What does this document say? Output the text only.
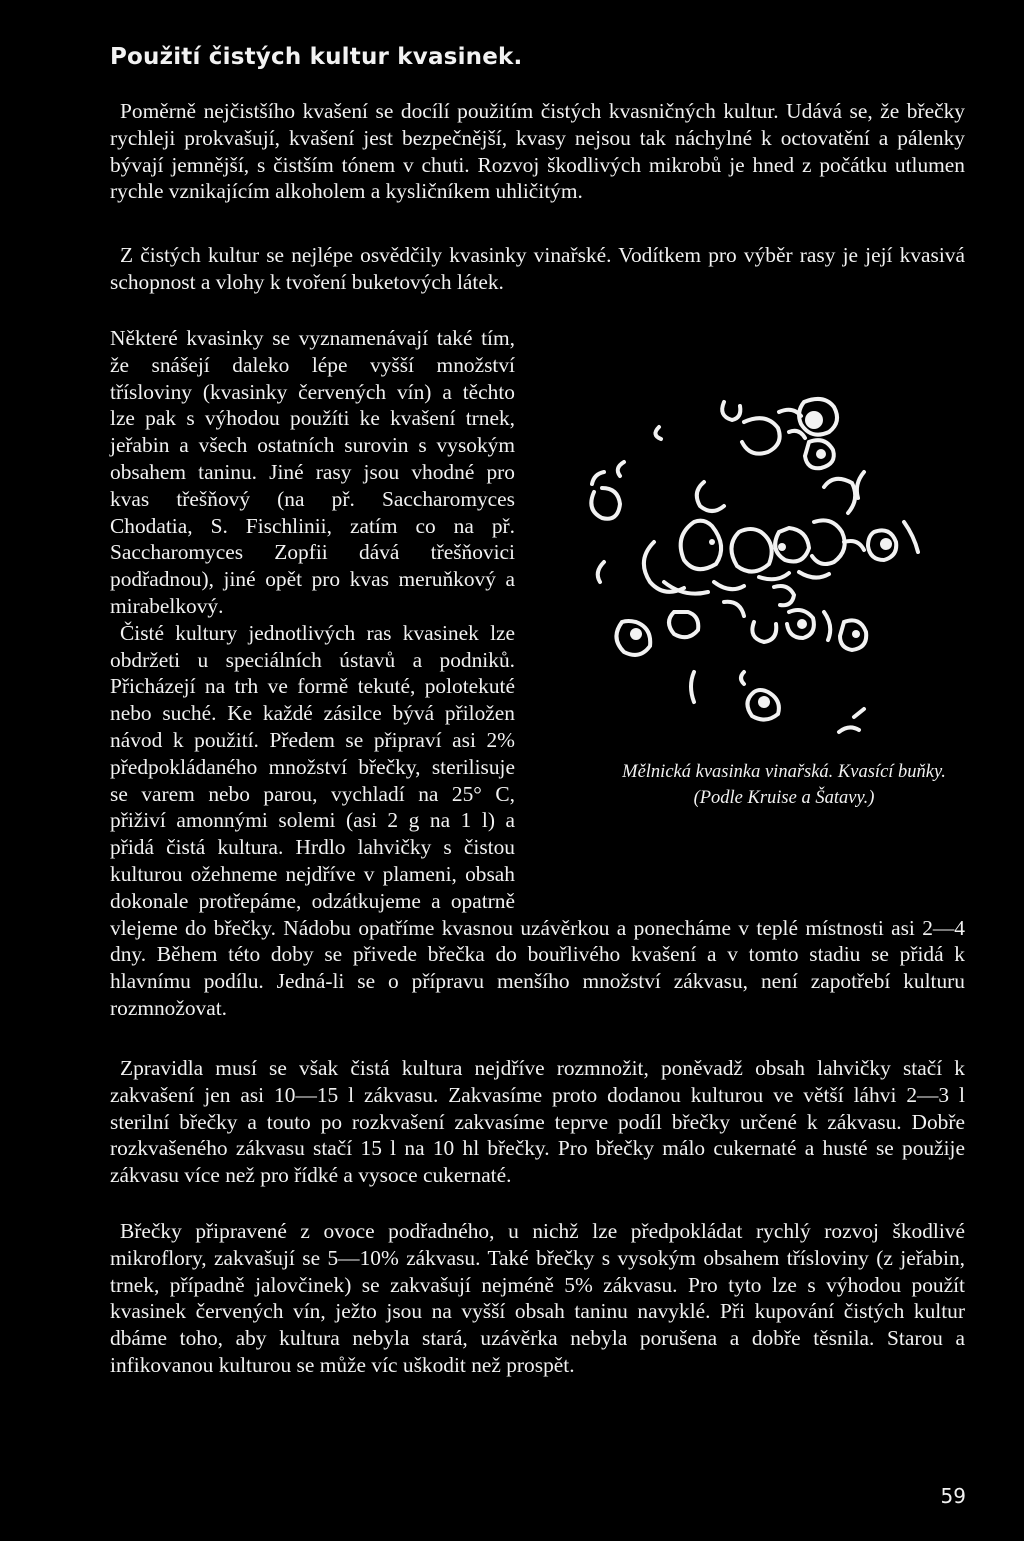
Použití čistých kultur kvasinek.

Poměrně nejčistšího kvašení se docílí použitím čistých kvasničných kultur. Udává se, že břečky rychleji prokvašují, kvašení jest bezpečnější, kvasy nejsou tak náchylné k octovatění a pálenky bývají jemnější, s čistším tónem v chuti. Rozvoj škodlivých mikrobů je hned z počátku utlumen rychle vznikajícím alkoholem a kysličníkem uhličitým.

Z čistých kultur se nejlépe osvědčily kvasinky vinařské. Vodítkem pro výběr rasy je její kvasivá schopnost a vlohy k tvoření buketových látek.

Některé kvasinky se vyznamenávají také tím, že snášejí daleko lépe vyšší množství třísloviny (kvasinky červených vín) a těchto lze pak s výhodou použíti ke kvašení trnek, jeřabin a všech ostatních surovin s vysokým obsahem taninu. Jiné rasy jsou vhodné pro kvas třešňový (na př. Saccharomyces Chodatia, S. Fischlinii, zatím co na př. Saccharomyces Zopfii dává třešňovici podřadnou), jiné opět pro kvas meruňkový a mirabelkový.
Čisté kultury jednotlivých ras kvasinek lze obdržeti u speciálních ústavů a podniků. Přicházejí na trh ve formě tekuté, polotekuté nebo suché. Ke každé zásilce bývá přiložen návod k použití. Předem se připraví asi 2% předpokládaného množství břečky, sterilisuje se varem nebo parou, vychladí na 25° C, přiživí amonnými solemi (asi 2 g na 1 l) a přidá čistá kultura. Hrdlo lahvičky s čistou kulturou ožehneme nejdříve v plameni, obsah dokonale protřepáme, odzátkujeme a opatrně vlejeme do břečky. Nádobu opatříme kvasnou uzávěrkou a ponecháme v teplé místnosti asi 2—4 dny. Během této doby se přivede břečka do bouřlivého kvašení a v tomto stadiu se přidá k hlavnímu podílu. Jedná-li se o přípravu menšího množství zákvasu, není zapotřebí kulturu rozmnožovat.
Mělnická kvasinka vinařská. Kvasící buňky.
(Podle Kruise a Šatavy.)

Zpravidla musí se však čistá kultura nejdříve rozmnožit, poněvadž obsah lahvičky stačí k zakvašení jen asi 10—15 l zákvasu. Zakvasíme proto dodanou kulturou ve větší láhvi 2—3 l sterilní břečky a touto po rozkvašení zakvasíme teprve podíl břečky určené k zákvasu. Dobře rozkvašeného zákvasu stačí 15 l na 10 hl břečky. Pro břečky málo cukernaté a husté se použije zákvasu více než pro řídké a vysoce cukernaté.

Břečky připravené z ovoce podřadného, u nichž lze předpokládat rychlý rozvoj škodlivé mikroflory, zakvašují se 5—10% zákvasu. Také břečky s vysokým obsahem třísloviny (z jeřabin, trnek, případně jalovčinek) se zakvašují nejméně 5% zákvasu. Pro tyto lze s výhodou použít kvasinek červených vín, ježto jsou na vyšší obsah taninu navyklé. Při kupování čistých kultur dbáme toho, aby kultura nebyla stará, uzávěrka nebyla porušena a dobře těsnila. Starou a infikovanou kulturou se může víc uškodit než prospět.

59
